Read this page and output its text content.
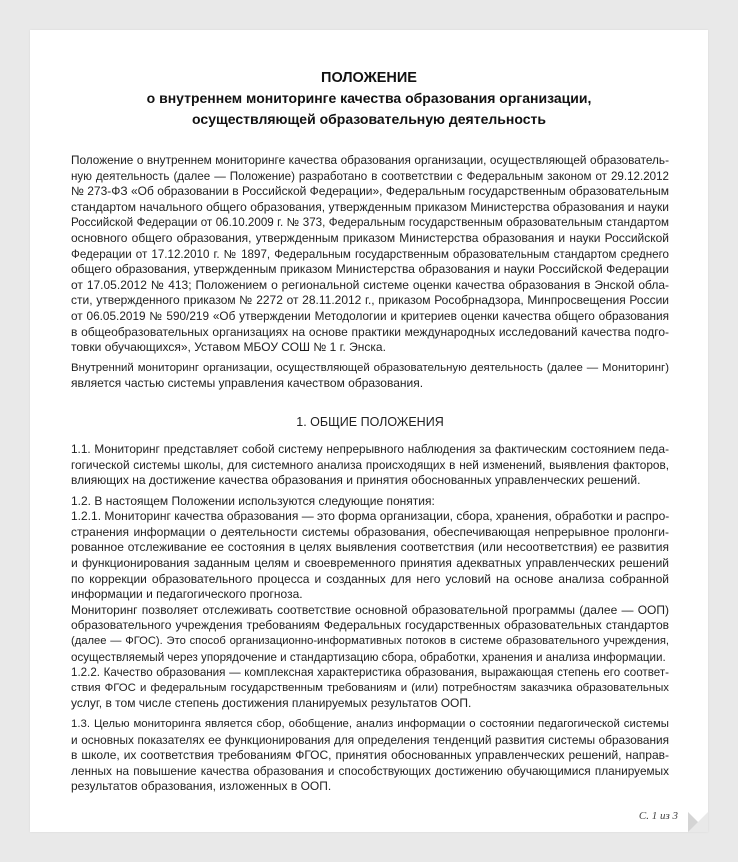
ПОЛОЖЕНИЕ
о внутреннем мониторинге качества образования организации,
осуществляющей образовательную деятельность

Положение о внутреннем мониторинге качества образования организации, осуществляющей образователь-
ную деятельность (далее — Положение) разработано в соответствии с Федеральным законом от 29.12.2012
№ 273-ФЗ «Об образовании в Российской Федерации», Федеральным государственным образовательным
стандартом начального общего образования, утвержденным приказом Министерства образования и науки
Российской Федерации от 06.10.2009 г. № 373, Федеральным государственным образовательным стандартом
основного общего образования, утвержденным приказом Министерства образования и науки Российской
Федерации от 17.12.2010 г. № 1897, Федеральным государственным образовательным стандартом среднего
общего образования, утвержденным приказом Министерства образования и науки Российской Федерации
от 17.05.2012 № 413; Положением о региональной системе оценки качества образования в Энской обла-
сти, утвержденного приказом № 2272 от 28.11.2012 г., приказом Рособрнадзора, Минпросвещения России
от 06.05.2019 № 590/219 «Об утверждении Методологии и критериев оценки качества общего образования
в общеобразовательных организациях на основе практики международных исследований качества подго-
товки обучающихся», Уставом МБОУ СОШ № 1 г. Энска.

Внутренний мониторинг организации, осуществляющей образовательную деятельность (далее — Мониторинг)
является частью системы управления качеством образования.

1. ОБЩИЕ ПОЛОЖЕНИЯ

1.1. Мониторинг представляет собой систему непрерывного наблюдения за фактическим состоянием педа-
гогической системы школы, для системного анализа происходящих в ней изменений, выявления факторов,
влияющих на достижение качества образования и принятия обоснованных управленческих решений.

1.2. В настоящем Положении используются следующие понятия:
1.2.1. Мониторинг качества образования — это форма организации, сбора, хранения, обработки и распро-
странения информации о деятельности системы образования, обеспечивающая непрерывное пролонги-
рованное отслеживание ее состояния в целях выявления соответствия (или несоответствия) ее развития
и функционирования заданным целям и своевременного принятия адекватных управленческих решений
по коррекции образовательного процесса и созданных для него условий на основе анализа собранной
информации и педагогического прогноза.
Мониторинг позволяет отслеживать соответствие основной образовательной программы (далее — ООП)
образовательного учреждения требованиям Федеральных государственных образовательных стандартов
(далее — ФГОС). Это способ организационно-информативных потоков в системе образовательного учреждения,
осуществляемый через упорядочение и стандартизацию сбора, обработки, хранения и анализа информации.
1.2.2. Качество образования — комплексная характеристика образования, выражающая степень его соответ-
ствия ФГОС и федеральным государственным требованиям и (или) потребностям заказчика образовательных
услуг, в том числе степень достижения планируемых результатов ООП.

1.3. Целью мониторинга является сбор, обобщение, анализ информации о состоянии педагогической системы
и основных показателях ее функционирования для определения тенденций развития системы образования
в школе, их соответствия требованиям ФГОС, принятия обоснованных управленческих решений, направ-
ленных на повышение качества образования и способствующих достижению обучающимися планируемых
результатов образования, изложенных в ООП.

С. 1 из 3
